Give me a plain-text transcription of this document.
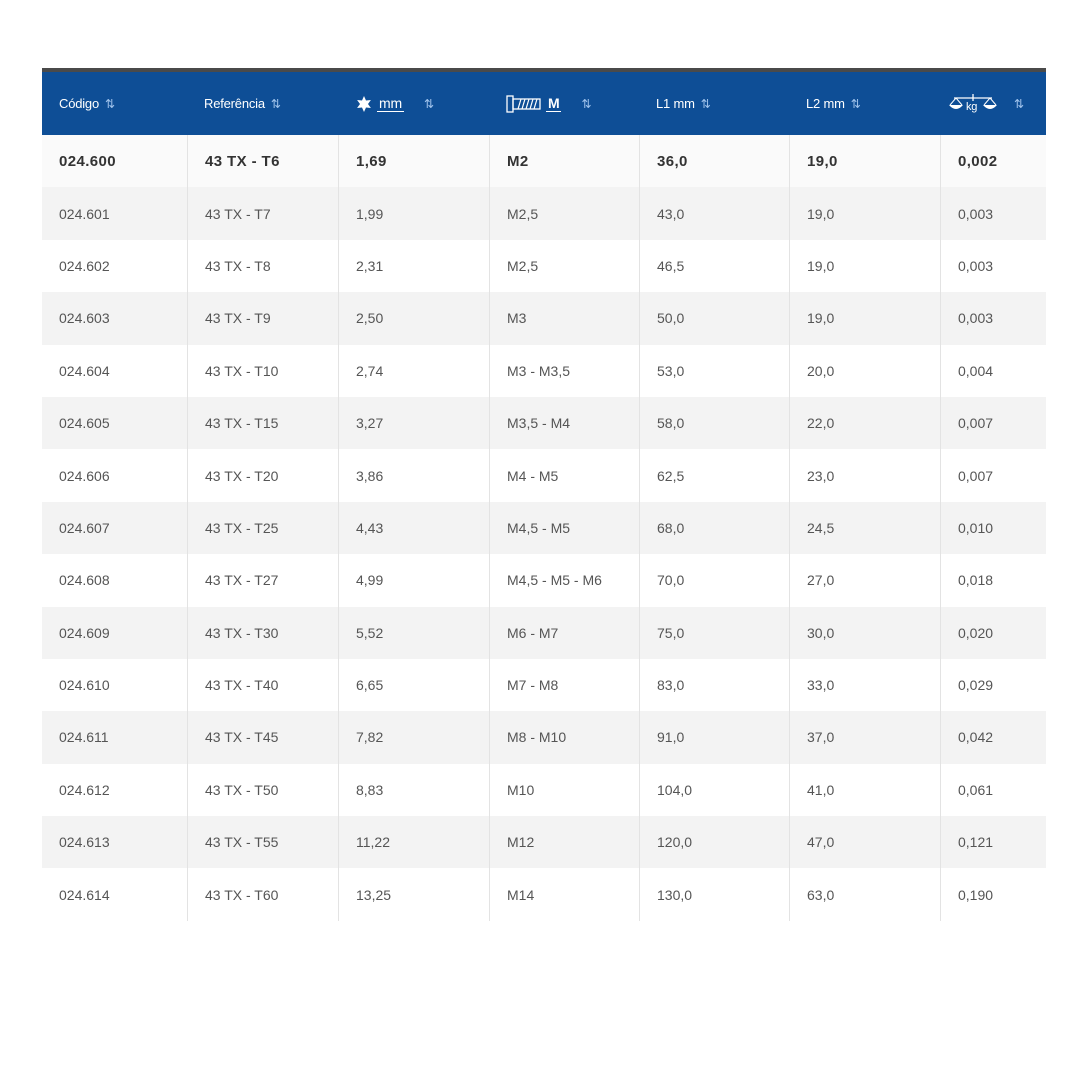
Código ⇅	Referência ⇅	mm ⇅	M ⇅	L1 mm ⇅	L2 mm ⇅	kg	⇅
024.600	43 TX - T6	1,69	M2	36,0	19,0	0,002
024.601	43 TX - T7	1,99	M2,5	43,0	19,0	0,003
024.602	43 TX - T8	2,31	M2,5	46,5	19,0	0,003
024.603	43 TX - T9	2,50	M3	50,0	19,0	0,003
024.604	43 TX - T10	2,74	M3 - M3,5	53,0	20,0	0,004
024.605	43 TX - T15	3,27	M3,5 - M4	58,0	22,0	0,007
024.606	43 TX - T20	3,86	M4 - M5	62,5	23,0	0,007
024.607	43 TX - T25	4,43	M4,5 - M5	68,0	24,5	0,010
024.608	43 TX - T27	4,99	M4,5 - M5 - M6	70,0	27,0	0,018
024.609	43 TX - T30	5,52	M6 - M7	75,0	30,0	0,020
024.610	43 TX - T40	6,65	M7 - M8	83,0	33,0	0,029
024.611	43 TX - T45	7,82	M8 - M10	91,0	37,0	0,042
024.612	43 TX - T50	8,83	M10	104,0	41,0	0,061
024.613	43 TX - T55	11,22	M12	120,0	47,0	0,121
024.614	43 TX - T60	13,25	M14	130,0	63,0	0,190
